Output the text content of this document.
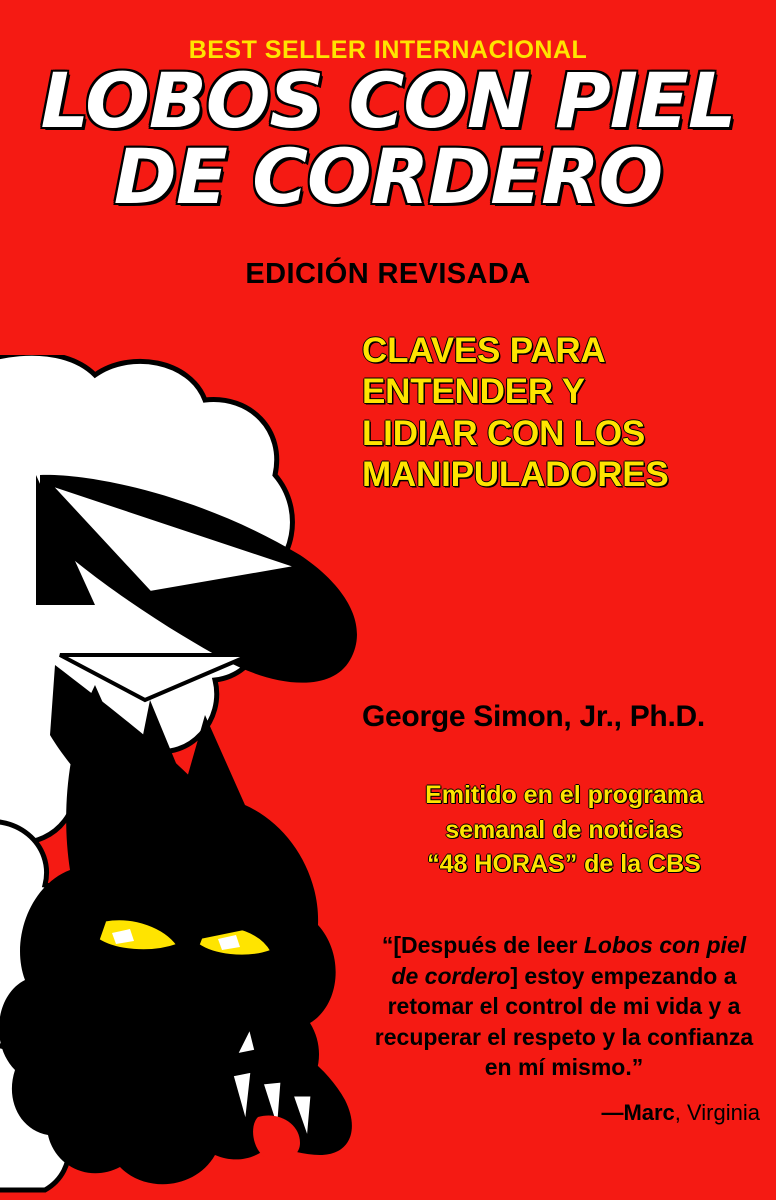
BEST SELLER INTERNACIONAL
LOBOS CON PIEL
DE CORDERO
EDICIÓN REVISADA
CLAVES PARA
ENTENDER Y
LIDIAR CON LOS
MANIPULADORES
George Simon, Jr., Ph.D.
Emitido en el programa
semanal de noticias
“48 HORAS” de la CBS
“[Después de leer Lobos con piel de cordero] estoy empezando a retomar el control de mi vida y a recuperar el respeto y la confianza en mí mismo.”
—Marc, Virginia
